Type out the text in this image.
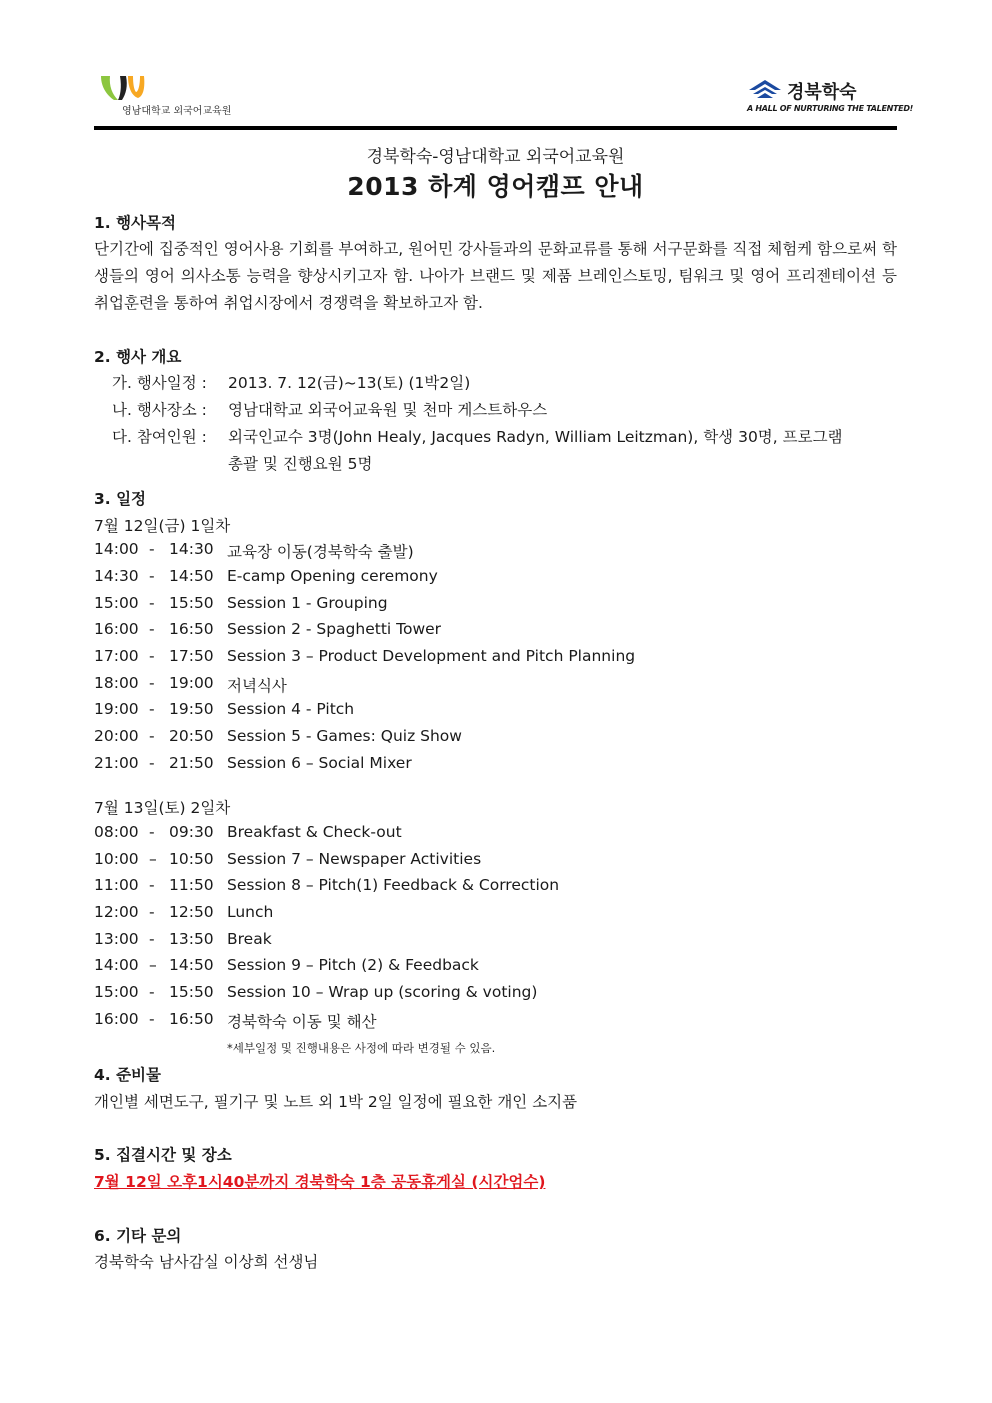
영남대학교 외국어교육원
경북학숙
A HALL OF NURTURING THE TALENTED!
경북학숙-영남대학교 외국어교육원
2013 하계 영어캠프 안내
1. 행사목적
단기간에 집중적인 영어사용 기회를 부여하고, 원어민 강사들과의 문화교류를 통해 서구문화를 직접 체험케 함으로써 학생들의 영어 의사소통 능력을 향상시키고자 함. 나아가 브랜드 및 제품 브레인스토밍, 팀워크 및 영어 프리젠테이션 등 취업훈련을 통하여 취업시장에서 경쟁력을 확보하고자 함.
2. 행사 개요
가. 행사일정 : 2013. 7. 12(금)~13(토) (1박2일)
나. 행사장소 : 영남대학교 외국어교육원 및 천마 게스트하우스
다. 참여인원 : 외국인교수 3명(John Healy, Jacques Radyn, William Leitzman), 학생 30명, 프로그램
총괄 및 진행요원 5명
3. 일정
7월 12일(금) 1일차
14:00 - 14:30 교육장 이동(경북학숙 출발)
14:30 - 14:50 E-camp Opening ceremony
15:00 - 15:50 Session 1 - Grouping
16:00 - 16:50 Session 2 - Spaghetti Tower
17:00 - 17:50 Session 3 – Product Development and Pitch Planning
18:00 - 19:00 저녁식사
19:00 - 19:50 Session 4 - Pitch
20:00 - 20:50 Session 5 - Games: Quiz Show
21:00 - 21:50 Session 6 – Social Mixer
7월 13일(토) 2일차
08:00 - 09:30 Breakfast & Check-out
10:00 – 10:50 Session 7 – Newspaper Activities
11:00 - 11:50 Session 8 – Pitch(1) Feedback & Correction
12:00 - 12:50 Lunch
13:00 - 13:50 Break
14:00 – 14:50 Session 9 – Pitch (2) & Feedback
15:00 - 15:50 Session 10 – Wrap up (scoring & voting)
16:00 - 16:50 경북학숙 이동 및 해산
*세부일정 및 진행내용은 사정에 따라 변경될 수 있음.
4. 준비물
개인별 세면도구, 필기구 및 노트 외 1박 2일 일정에 필요한 개인 소지품
5. 집결시간 및 장소
7월 12일 오후1시40분까지 경북학숙 1층 공동휴게실 (시간엄수)
6. 기타 문의
경북학숙 남사감실 이상희 선생님
